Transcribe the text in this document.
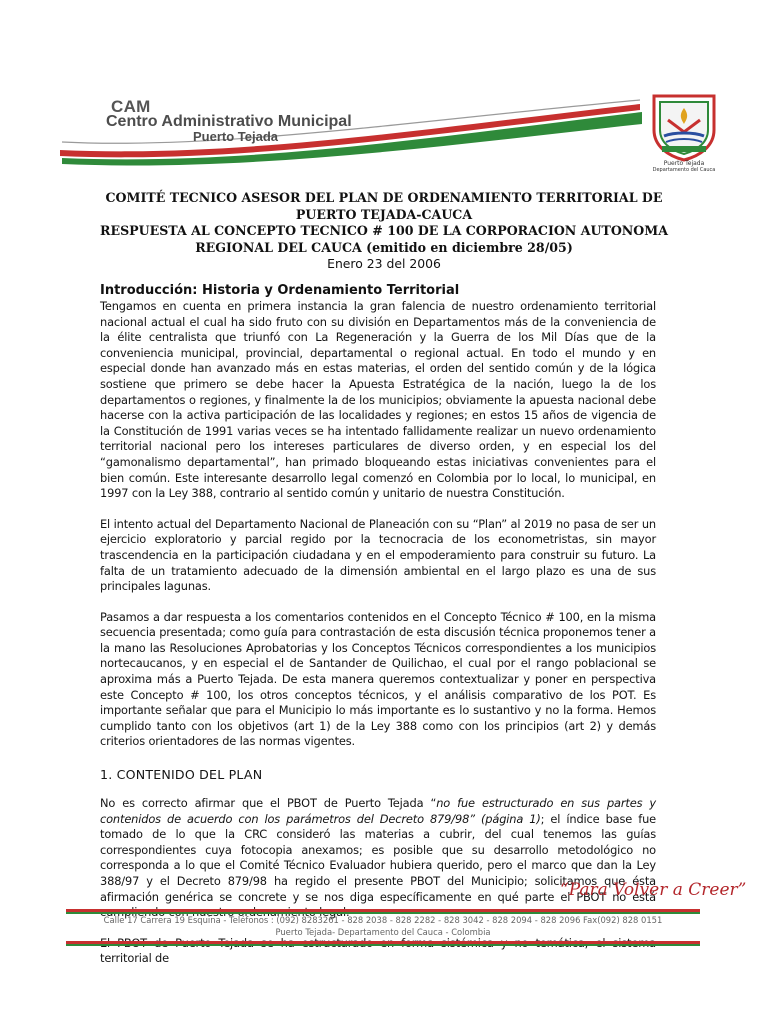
CAM
Centro Administrativo Municipal
Puerto Tejada
Puerto Tejada
Departamento del Cauca
COMITÉ TECNICO ASESOR DEL PLAN DE ORDENAMIENTO TERRITORIAL DE
PUERTO TEJADA-CAUCA
RESPUESTA AL CONCEPTO TECNICO # 100 DE LA CORPORACION AUTONOMA
REGIONAL DEL CAUCA (emitido en diciembre 28/05)
Enero 23 del 2006
Introducción: Historia y Ordenamiento Territorial

Tengamos en cuenta en primera instancia la gran falencia de nuestro ordenamiento territorial nacional actual el cual ha sido fruto con su división en Departamentos más de la conveniencia de la élite centralista que triunfó con La Regeneración y la Guerra de los Mil Días que de la conveniencia municipal, provincial, departamental o regional actual. En todo el mundo y en especial donde han avanzado más en estas materias, el orden del sentido común y de la lógica sostiene que primero se debe hacer la Apuesta Estratégica de la nación, luego la de los departamentos o regiones, y finalmente la de los municipios; obviamente la apuesta nacional debe hacerse con la activa participación de las localidades y regiones; en estos 15 años de vigencia de la Constitución de 1991 varias veces se ha intentado fallidamente realizar un nuevo ordenamiento territorial nacional pero los intereses particulares de diverso orden, y en especial los del “gamonalismo departamental”, han primado bloqueando estas iniciativas convenientes para el bien común. Este interesante desarrollo legal comenzó en Colombia por lo local, lo municipal, en 1997 con la Ley 388, contrario al sentido común y unitario de nuestra Constitución.

El intento actual del Departamento Nacional de Planeación con su “Plan” al 2019 no pasa de ser un ejercicio exploratorio y parcial regido por la tecnocracia de los econometristas, sin mayor trascendencia en la participación ciudadana y en el empoderamiento para construir su futuro. La falta de un tratamiento adecuado de la dimensión ambiental en el largo plazo es una de sus principales lagunas.

Pasamos a dar respuesta a los comentarios contenidos en el Concepto Técnico # 100, en la misma secuencia presentada; como guía para contrastación de esta discusión técnica proponemos tener a la mano las Resoluciones Aprobatorias y los Conceptos Técnicos correspondientes a los municipios nortecaucanos, y en especial el de Santander de Quilichao, el cual por el rango poblacional se aproxima más a Puerto Tejada. De esta manera queremos contextualizar y poner en perspectiva este Concepto # 100, los otros conceptos técnicos, y el análisis comparativo de los POT. Es importante señalar que para el Municipio lo más importante es lo sustantivo y no la forma. Hemos cumplido tanto con los objetivos (art 1) de la Ley 388 como con los principios (art 2) y demás criterios orientadores de las normas vigentes.

1. CONTENIDO DEL PLAN

No es correcto afirmar que el PBOT de Puerto Tejada “no fue estructurado en sus partes y contenidos de acuerdo con los parámetros del Decreto 879/98” (página 1); el índice base fue tomado de lo que la CRC consideró las materias a cubrir, del cual tenemos las guías correspondientes cuya fotocopia anexamos; es posible que su desarrollo metodológico no corresponda a lo que el Comité Técnico Evaluador hubiera querido, pero el marco que dan la Ley 388/97 y el Decreto 879/98 ha regido el presente PBOT del Municipio; solicitamos que ésta afirmación genérica se concrete y se nos diga específicamente en qué parte el PBOT no está

territorial de

“Para Volver a Creer”
Calle 17 Carrera 19 Esquina - Teléfonos : (092) 8283261 - 828 2038 - 828 2282 - 828 3042 - 828 2094 - 828 2096 Fax(092) 828 0151
Puerto Tejada- Departamento del Cauca - Colombia
